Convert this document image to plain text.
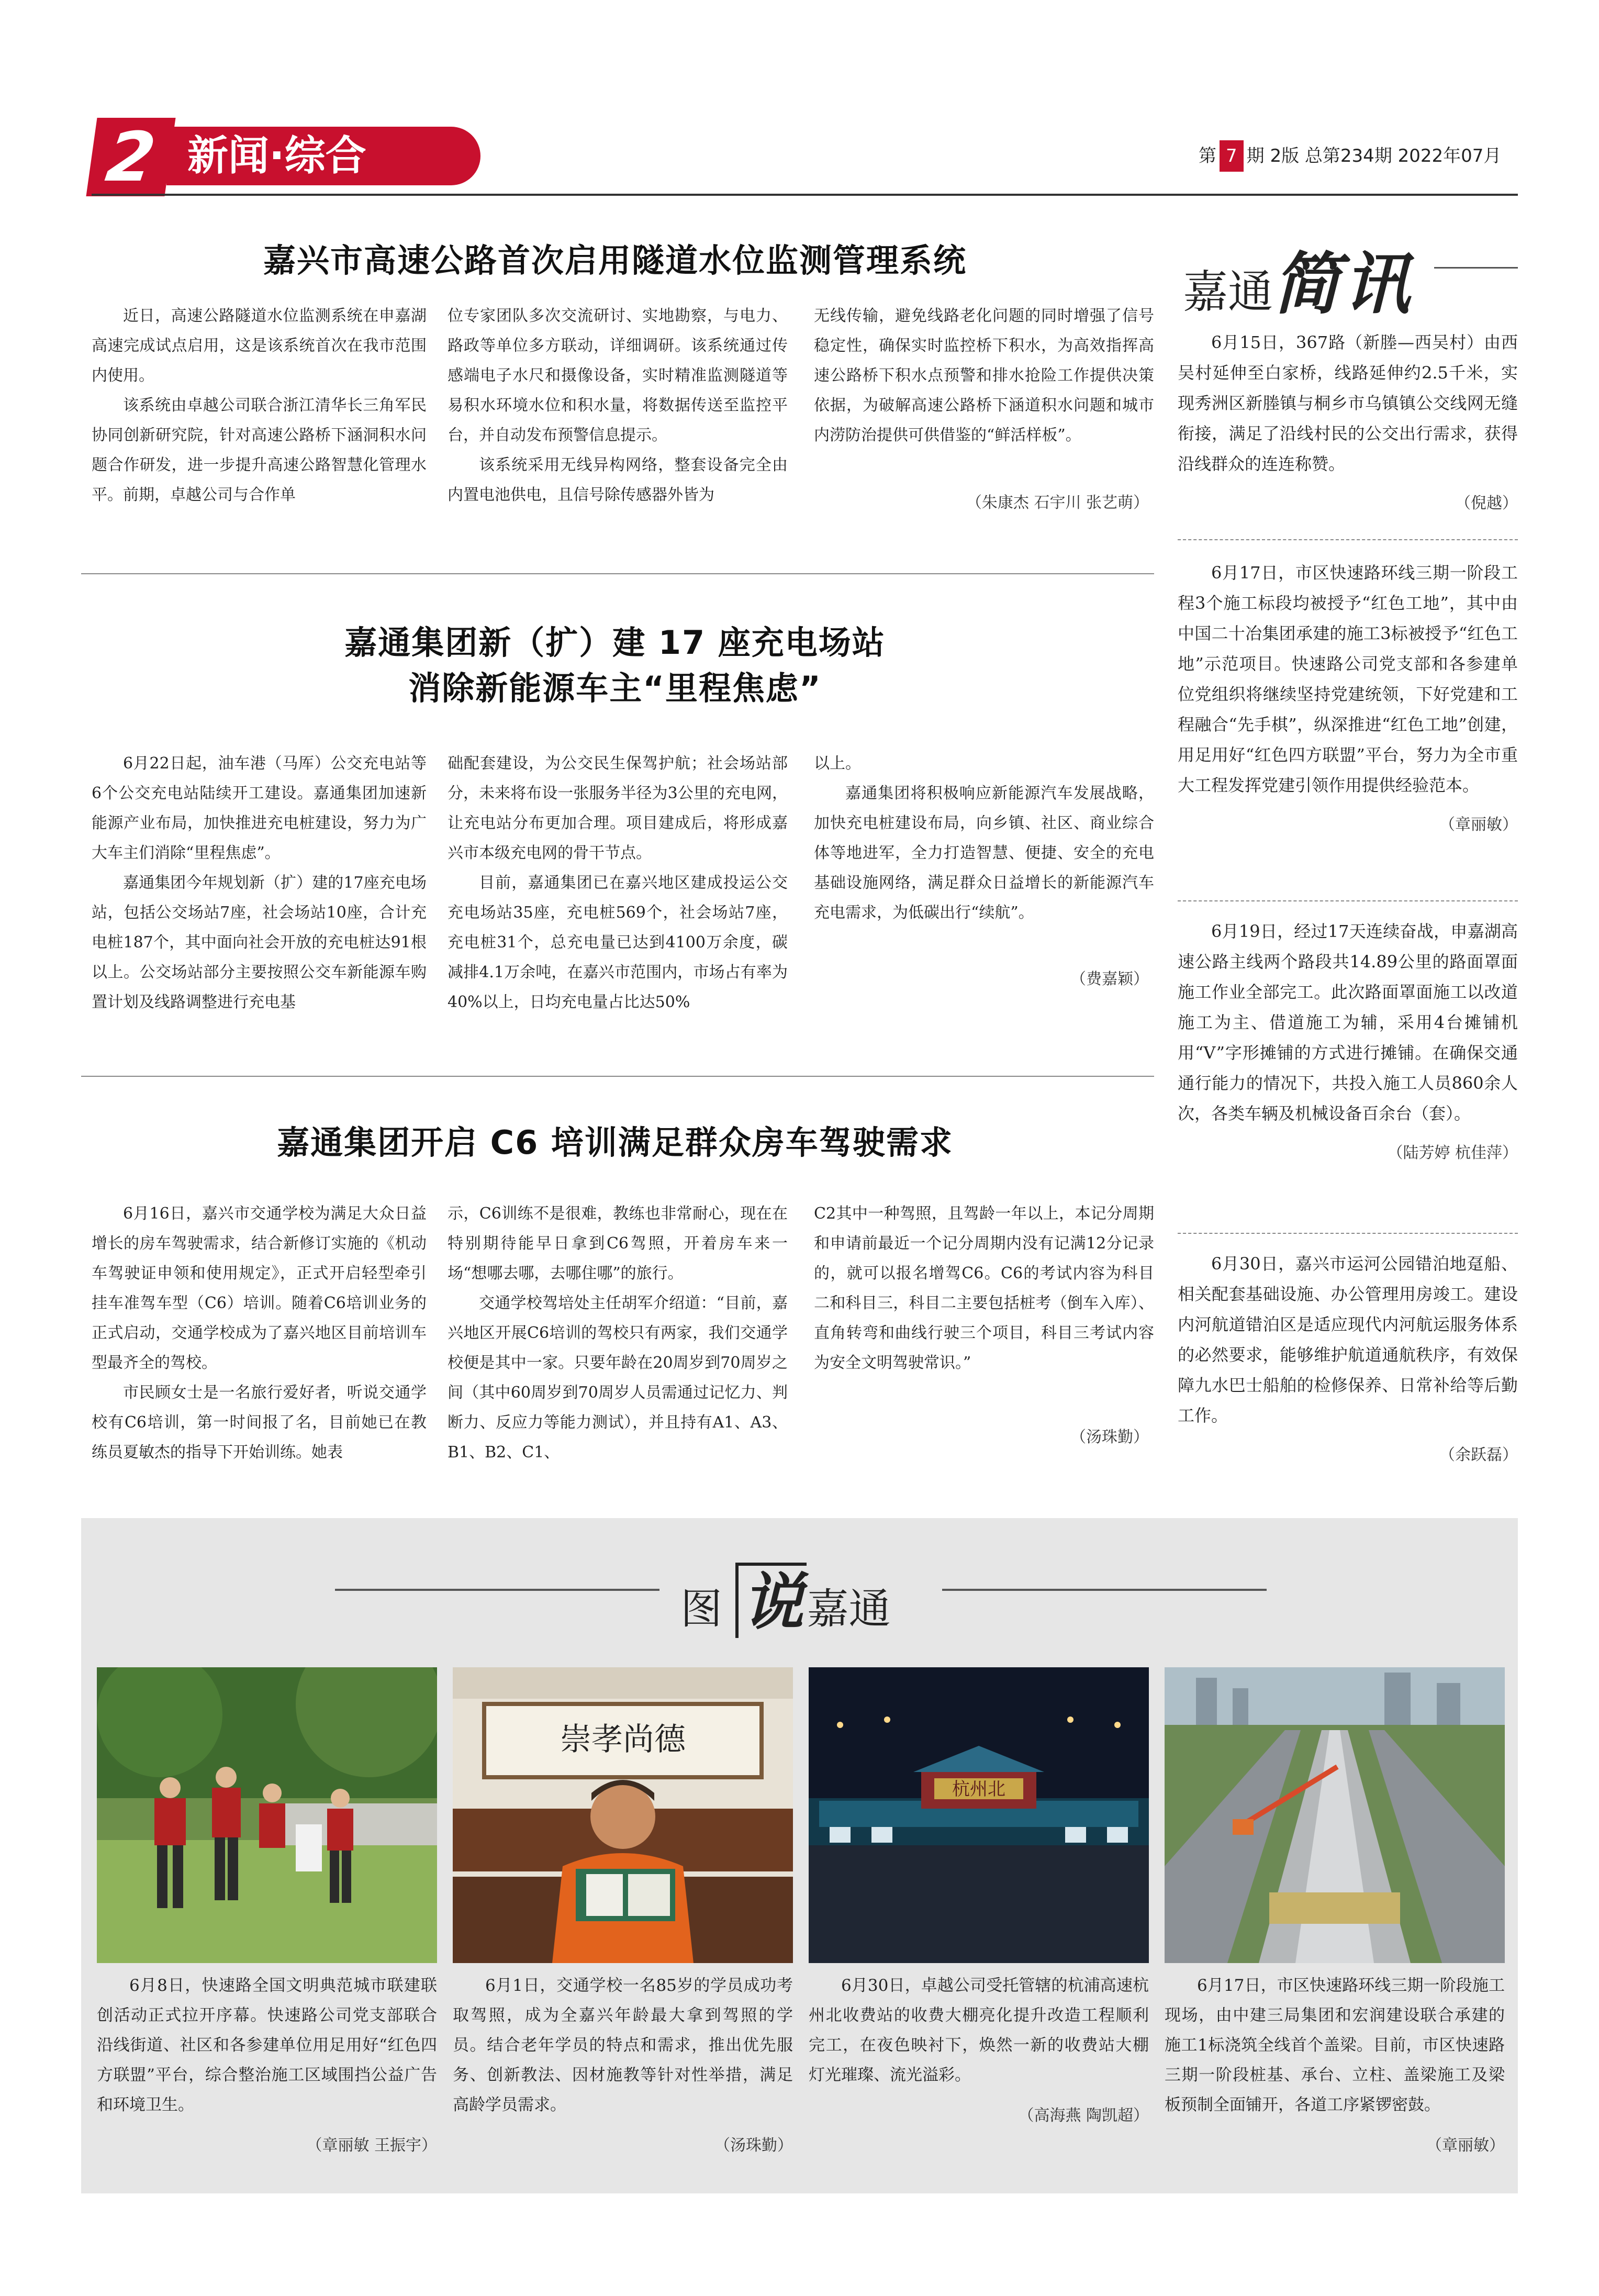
2 新闻·综合	第 7 期 2版 总第234期 2022年07月
嘉兴市高速公路首次启用隧道水位监测管理系统

近日，高速公路隧道水位监测系统在申嘉湖高速完成试点启用，这是该系统首次在我市范围内使用。

该系统由卓越公司联合浙江清华长三角军民协同创新研究院，针对高速公路桥下涵洞积水问题合作研发，进一步提升高速公路智慧化管理水平。前期，卓越公司与合作单

位专家团队多次交流研讨、实地勘察，与电力、路政等单位多方联动，详细调研。该系统通过传感端电子水尺和摄像设备，实时精准监测隧道等易积水环境水位和积水量，将数据传送至监控平台，并自动发布预警信息提示。

该系统采用无线异构网络，整套设备完全由内置电池供电，且信号除传感器外皆为

无线传输，避免线路老化问题的同时增强了信号稳定性，确保实时监控桥下积水，为高效指挥高速公路桥下积水点预警和排水抢险工作提供决策依据，为破解高速公路桥下涵道积水问题和城市内涝防治提供可供借鉴的“鲜活样板”。

（朱康杰 石宇川 张艺萌）
嘉通集团新（扩）建 17 座充电场站
消除新能源车主“里程焦虑”

6月22日起，油车港（马厍）公交充电站等6个公交充电站陆续开工建设。嘉通集团加速新能源产业布局，加快推进充电桩建设，努力为广大车主们消除“里程焦虑”。

嘉通集团今年规划新（扩）建的17座充电场站，包括公交场站7座，社会场站10座，合计充电桩187个，其中面向社会开放的充电桩达91根以上。公交场站部分主要按照公交车新能源车购置计划及线路调整进行充电基

础配套建设，为公交民生保驾护航；社会场站部分，未来将布设一张服务半径为3公里的充电网，让充电站分布更加合理。项目建成后，将形成嘉兴市本级充电网的骨干节点。

目前，嘉通集团已在嘉兴地区建成投运公交充电场站35座，充电桩569个，社会场站7座，充电桩31个，总充电量已达到4100万余度，碳减排4.1万余吨，在嘉兴市范围内，市场占有率为40%以上，日均充电量占比达50%

以上。

嘉通集团将积极响应新能源汽车发展战略，加快充电桩建设布局，向乡镇、社区、商业综合体等地进军，全力打造智慧、便捷、安全的充电基础设施网络，满足群众日益增长的新能源汽车充电需求，为低碳出行“续航”。

（费嘉颖）
嘉通集团开启 C6 培训满足群众房车驾驶需求

6月16日，嘉兴市交通学校为满足大众日益增长的房车驾驶需求，结合新修订实施的《机动车驾驶证申领和使用规定》，正式开启轻型牵引挂车准驾车型（C6）培训。随着C6培训业务的正式启动，交通学校成为了嘉兴地区目前培训车型最齐全的驾校。

市民顾女士是一名旅行爱好者，听说交通学校有C6培训，第一时间报了名，目前她已在教练员夏敏杰的指导下开始训练。她表

示，C6训练不是很难，教练也非常耐心，现在在特别期待能早日拿到C6驾照，开着房车来一场“想哪去哪，去哪住哪”的旅行。

交通学校驾培处主任胡军介绍道：“目前，嘉兴地区开展C6培训的驾校只有两家，我们交通学校便是其中一家。只要年龄在20周岁到70周岁之间（其中60周岁到70周岁人员需通过记忆力、判断力、反应力等能力测试），并且持有A1、A3、B1、B2、C1、

C2其中一种驾照，且驾龄一年以上，本记分周期和申请前最近一个记分周期内没有记满12分记录的，就可以报名增驾C6。C6的考试内容为科目二和科目三，科目二主要包括桩考（倒车入库）、直角转弯和曲线行驶三个项目，科目三考试内容为安全文明驾驶常识。”

（汤珠勤）
嘉通简讯

6月15日，367路（新塍—西吴村）由西吴村延伸至白家桥，线路延伸约2.5千米，实现秀洲区新塍镇与桐乡市乌镇镇公交线网无缝衔接，满足了沿线村民的公交出行需求，获得沿线群众的连连称赞。

（倪越）

6月17日，市区快速路环线三期一阶段工程3个施工标段均被授予“红色工地”，其中由中国二十冶集团承建的施工3标被授予“红色工地”示范项目。快速路公司党支部和各参建单位党组织将继续坚持党建统领，下好党建和工程融合“先手棋”，纵深推进“红色工地”创建，用足用好“红色四方联盟”平台，努力为全市重大工程发挥党建引领作用提供经验范本。

（章丽敏）

6月19日，经过17天连续奋战，申嘉湖高速公路主线两个路段共14.89公里的路面罩面施工作业全部完工。此次路面罩面施工以改道施工为主、借道施工为辅，采用4台摊铺机用“V”字形摊铺的方式进行摊铺。在确保交通通行能力的情况下，共投入施工人员860余人次，各类车辆及机械设备百余台（套）。

（陆芳婷 杭佳萍）

6月30日，嘉兴市运河公园错泊地趸船、相关配套基础设施、办公管理用房竣工。建设内河航道错泊区是适应现代内河航运服务体系的必然要求，能够维护航道通航秩序，有效保障九水巴士船舶的检修保养、日常补给等后勤工作。

（余跃磊）
图 说嘉通

6月8日，快速路全国文明典范城市联建联创活动正式拉开序幕。快速路公司党支部联合沿线街道、社区和各参建单位用足用好“红色四方联盟”平台，综合整治施工区域围挡公益广告和环境卫生。

（章丽敏 王振宇）
崇孝尚德

6月1日，交通学校一名85岁的学员成功考取驾照，成为全嘉兴年龄最大拿到驾照的学员。结合老年学员的特点和需求，推出优先服务、创新教法、因材施教等针对性举措，满足高龄学员需求。

（汤珠勤）
杭州北

6月30日，卓越公司受托管辖的杭浦高速杭州北收费站的收费大棚亮化提升改造工程顺利完工，在夜色映衬下，焕然一新的收费站大棚灯光璀璨、流光溢彩。

（高海燕 陶凯超）

6月17日，市区快速路环线三期一阶段施工现场，由中建三局集团和宏润建设联合承建的施工1标浇筑全线首个盖梁。目前，市区快速路三期一阶段桩基、承台、立柱、盖梁施工及梁板预制全面铺开，各道工序紧锣密鼓。

（章丽敏）
